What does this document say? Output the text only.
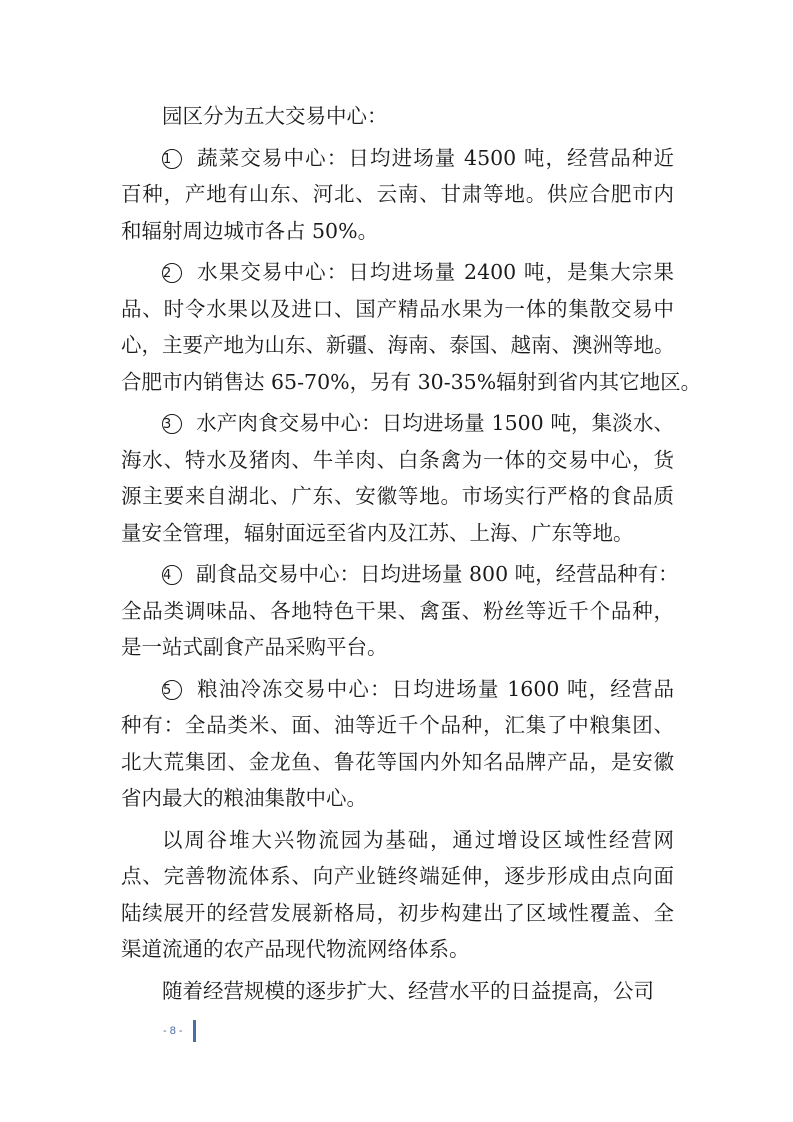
园区分为五大交易中心：
1 蔬菜交易中心：日均进场量 4500 吨，经营品种近
百种，产地有山东、河北、云南、甘肃等地。供应合肥市内
和辐射周边城市各占 50%。
2 水果交易中心：日均进场量 2400 吨，是集大宗果
品、时令水果以及进口、国产精品水果为一体的集散交易中
心，主要产地为山东、新疆、海南、泰国、越南、澳洲等地。
合肥市内销售达 65-70%，另有 30-35%辐射到省内其它地区。
3 水产肉食交易中心：日均进场量 1500 吨，集淡水、
海水、特水及猪肉、牛羊肉、白条禽为一体的交易中心，货
源主要来自湖北、广东、安徽等地。市场实行严格的食品质
量安全管理，辐射面远至省内及江苏、上海、广东等地。
4 副食品交易中心：日均进场量 800 吨，经营品种有：
全品类调味品、各地特色干果、禽蛋、粉丝等近千个品种，
是一站式副食产品采购平台。
5 粮油冷冻交易中心：日均进场量 1600 吨，经营品
种有：全品类米、面、油等近千个品种，汇集了中粮集团、
北大荒集团、金龙鱼、鲁花等国内外知名品牌产品，是安徽
省内最大的粮油集散中心。
以周谷堆大兴物流园为基础，通过增设区域性经营网
点、完善物流体系、向产业链终端延伸，逐步形成由点向面
陆续展开的经营发展新格局，初步构建出了区域性覆盖、全
渠道流通的农产品现代物流网络体系。
随着经营规模的逐步扩大、经营水平的日益提高，公司
- 8 -
